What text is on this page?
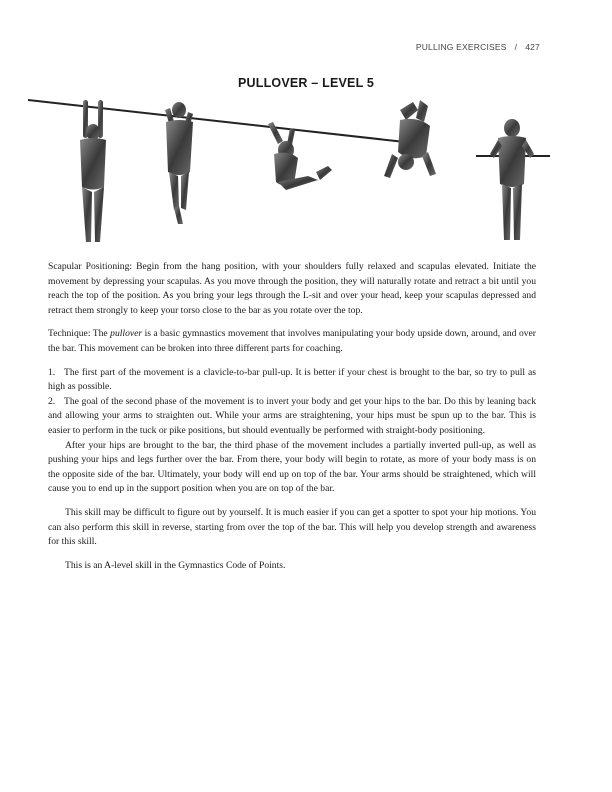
PULLING EXERCISES / 427
PULLOVER – LEVEL 5

Scapular Positioning: Begin from the hang position, with your shoulders fully relaxed and scapulas elevated. Initiate the movement by depressing your scapulas. As you move through the position, they will naturally rotate and retract a bit until you reach the top of the position. As you bring your legs through the L-sit and over your head, keep your scapulas depressed and retract them strongly to keep your torso close to the bar as you rotate over the top.

Technique: The pullover is a basic gymnastics movement that involves manipulating your body upside down, around, and over the bar. This movement can be broken into three different parts for coaching.

1. The first part of the movement is a clavicle-to-bar pull-up. It is better if your chest is brought to the bar, so try to pull as high as possible.

2. The goal of the second phase of the movement is to invert your body and get your hips to the bar. Do this by leaning back and allowing your arms to straighten out. While your arms are straightening, your hips must be spun up to the bar. This is easier to perform in the tuck or pike positions, but should eventually be performed with straight-body positioning.

After your hips are brought to the bar, the third phase of the movement includes a partially inverted pull-up, as well as pushing your hips and legs further over the bar. From there, your body will begin to rotate, as more of your body mass is on the opposite side of the bar. Ultimately, your body will end up on top of the bar. Your arms should be straightened, which will cause you to end up in the support position when you are on top of the bar.

This skill may be difficult to figure out by yourself. It is much easier if you can get a spotter to spot your hip motions. You can also perform this skill in reverse, starting from over the top of the bar. This will help you develop strength and awareness for this skill.

This is an A-level skill in the Gymnastics Code of Points.
